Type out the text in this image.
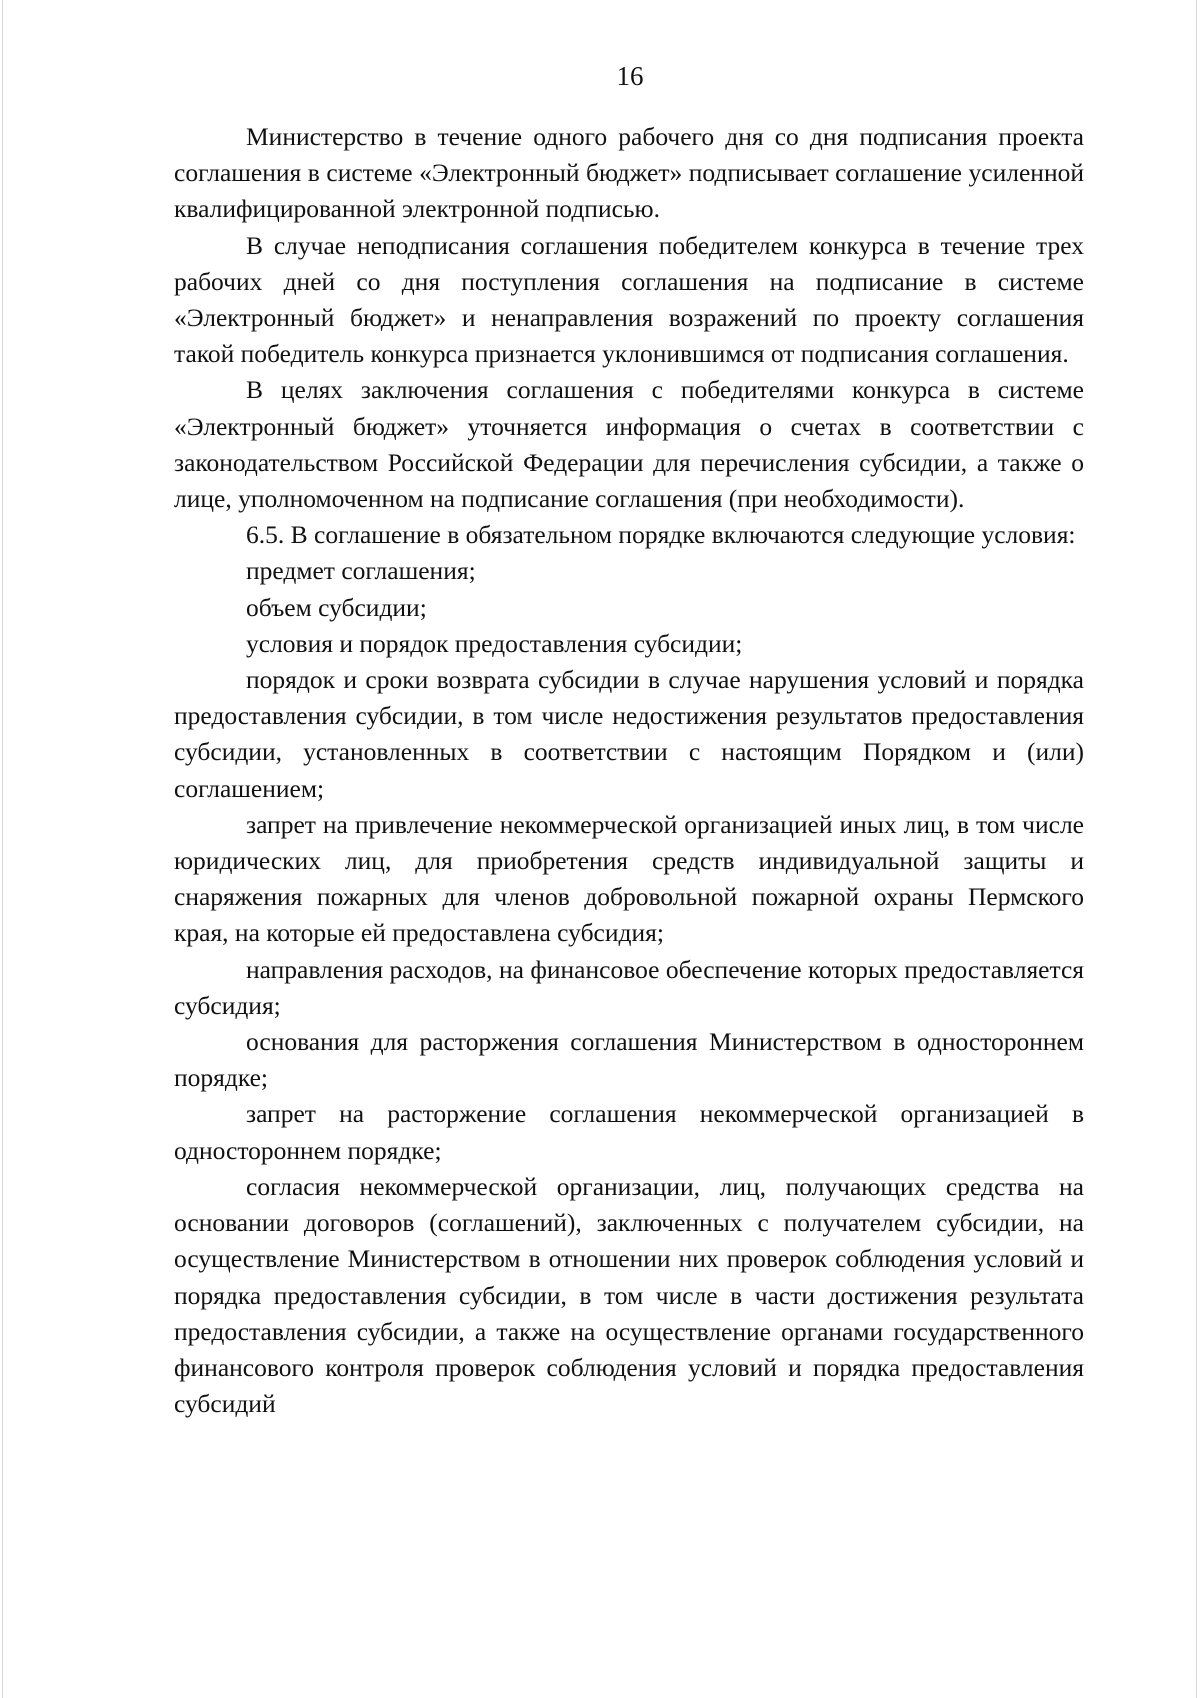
16

Министерство в течение одного рабочего дня со дня подписания проекта соглашения в системе «Электронный бюджет» подписывает соглашение усиленной квалифицированной электронной подписью.

В случае неподписания соглашения победителем конкурса в течение трех рабочих дней со дня поступления соглашения на подписание в системе «Электронный бюджет» и ненаправления возражений по проекту соглашения такой победитель конкурса признается уклонившимся от подписания соглашения.

В целях заключения соглашения с победителями конкурса в системе «Электронный бюджет» уточняется информация о счетах в соответствии с законодательством Российской Федерации для перечисления субсидии, а также о лице, уполномоченном на подписание соглашения (при необходимости).

6.5. В соглашение в обязательном порядке включаются следующие условия:

предмет соглашения;

объем субсидии;

условия и порядок предоставления субсидии;

порядок и сроки возврата субсидии в случае нарушения условий и порядка предоставления субсидии, в том числе недостижения результатов предоставления субсидии, установленных в соответствии с настоящим Порядком и (или) соглашением;

запрет на привлечение некоммерческой организацией иных лиц, в том числе юридических лиц, для приобретения средств индивидуальной защиты и снаряжения пожарных для членов добровольной пожарной охраны Пермского края, на которые ей предоставлена субсидия;

направления расходов, на финансовое обеспечение которых предоставляется субсидия;

основания для расторжения соглашения Министерством в одностороннем порядке;

запрет на расторжение соглашения некоммерческой организацией в одностороннем порядке;

согласия некоммерческой организации, лиц, получающих средства на основании договоров (соглашений), заключенных с получателем субсидии, на осуществление Министерством в отношении них проверок соблюдения условий и порядка предоставления субсидии, в том числе в части достижения результата предоставления субсидии, а также на осуществление органами государственного финансового контроля проверок соблюдения условий и порядка предоставления субсидий
